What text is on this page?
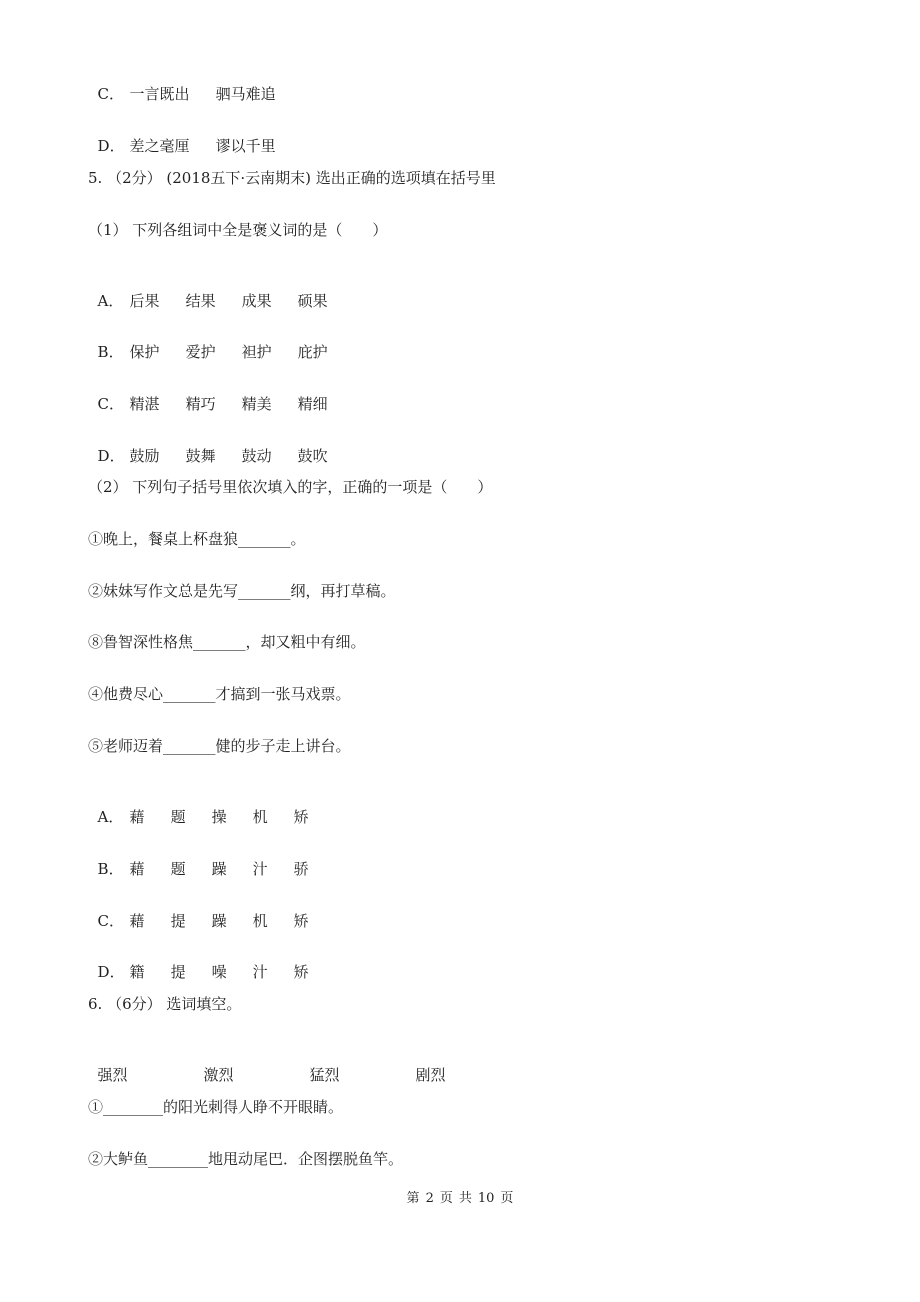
C． 一言既出 驷马难追

D． 差之毫厘 谬以千里

5. （2分） (2018五下·云南期末) 选出正确的选项填在括号里
（1） 下列各组词中全是褒义词的是（　　）

A． 后果 结果 成果 硕果

B． 保护 爱护 袒护 庇护

C． 精湛 精巧 精美 精细

D． 鼓励 鼓舞 鼓动 鼓吹

（2） 下列句子括号里依次填入的字，正确的一项是（　　）
①晚上，餐桌上杯盘狼_______。
②妹妹写作文总是先写_______纲，再打草稿。
⑧鲁智深性格焦_______，却又粗中有细。
④他费尽心_______才搞到一张马戏票。
⑤老师迈着_______健的步子走上讲台。

A． 藉 题 操 机 矫

B． 藉 题 躁 汁 骄

C． 藉 提 躁 机 矫

D． 籍 提 噪 汁 矫

6. （6分） 选词填空。

强烈	激烈	猛烈	剧烈

①________的阳光刺得人睁不开眼睛。
②大鲈鱼________地甩动尾巴．企图摆脱鱼竿。
第 2 页 共 10 页
